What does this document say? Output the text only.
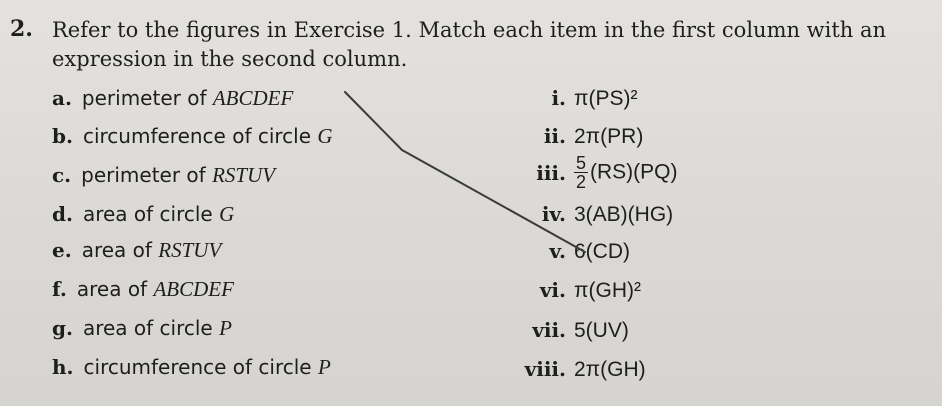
2. Refer to the figures in Exercise 1. Match each item in the first column with an
expression in the second column.
a. perimeter of ABCDEF
b. circumference of circle G
c. perimeter of RSTUV
d. area of circle G
e. area of RSTUV
f. area of ABCDEF
g. area of circle P
h. circumference of circle P
i. π(PS)²
ii. 2π(PR)
iii. $\frac{5}{2} (RS)(PQ)$
iv. 3(AB)(HG)
v. 6(CD)
vi. π(GH)²
vii. 5(UV)
viii. 2π(GH)
